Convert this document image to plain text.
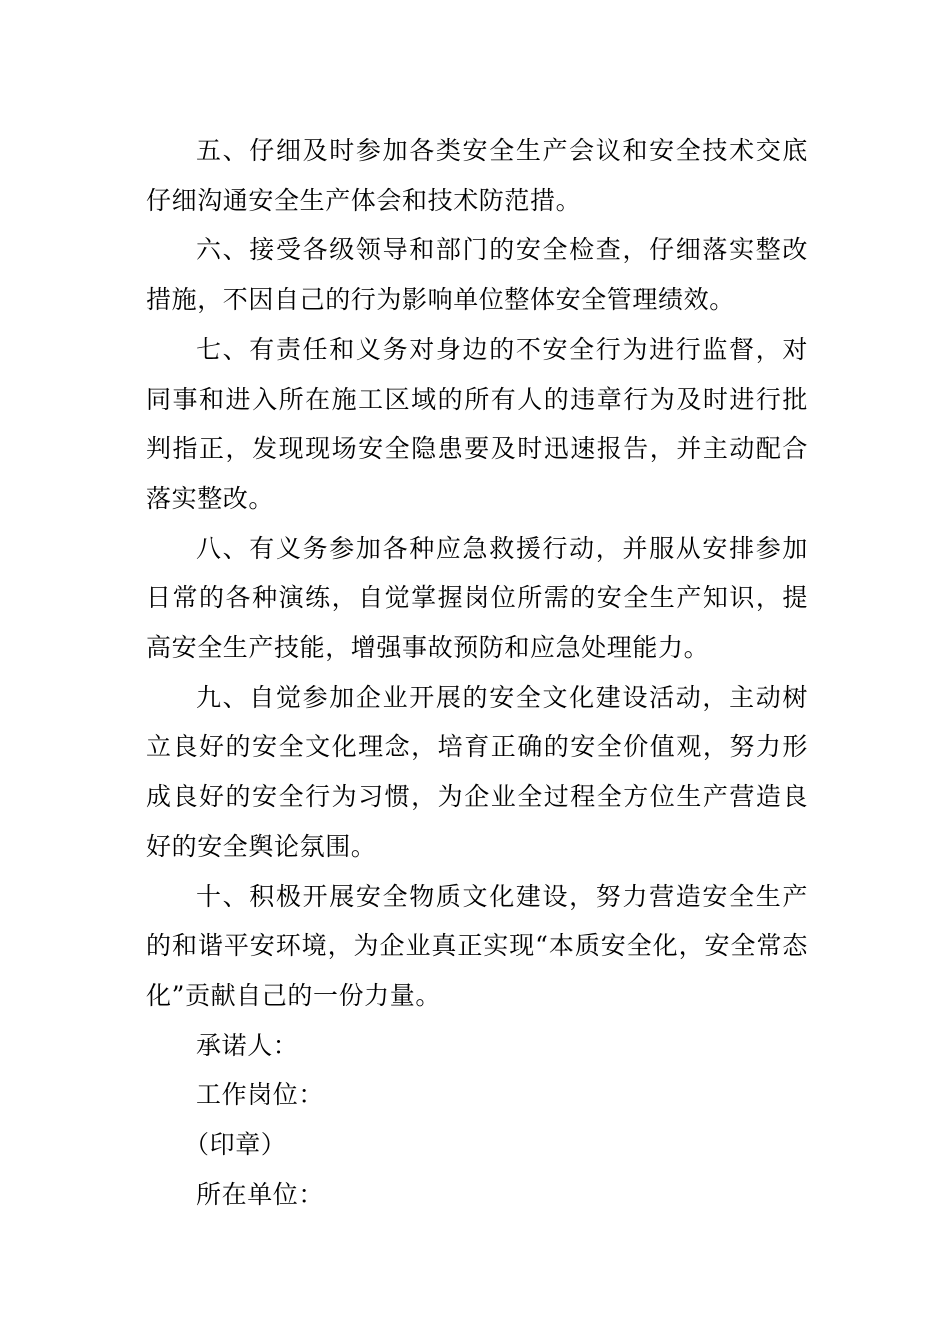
五、仔细及时参加各类安全生产会议和安全技术交底仔细沟通安全生产体会和技术防范措。

六、接受各级领导和部门的安全检查，仔细落实整改措施，不因自己的行为影响单位整体安全管理绩效。

七、有责任和义务对身边的不安全行为进行监督，对同事和进入所在施工区域的所有人的违章行为及时进行批判指正，发现现场安全隐患要及时迅速报告，并主动配合落实整改。

八、有义务参加各种应急救援行动，并服从安排参加日常的各种演练，自觉掌握岗位所需的安全生产知识，提高安全生产技能，增强事故预防和应急处理能力。

九、自觉参加企业开展的安全文化建设活动，主动树立良好的安全文化理念，培育正确的安全价值观，努力形成良好的安全行为习惯，为企业全过程全方位生产营造良好的安全舆论氛围。

十、积极开展安全物质文化建设，努力营造安全生产的和谐平安环境，为企业真正实现“本质安全化，安全常态化”贡献自己的一份力量。

承诺人：

工作岗位：

（印章）

所在单位：
